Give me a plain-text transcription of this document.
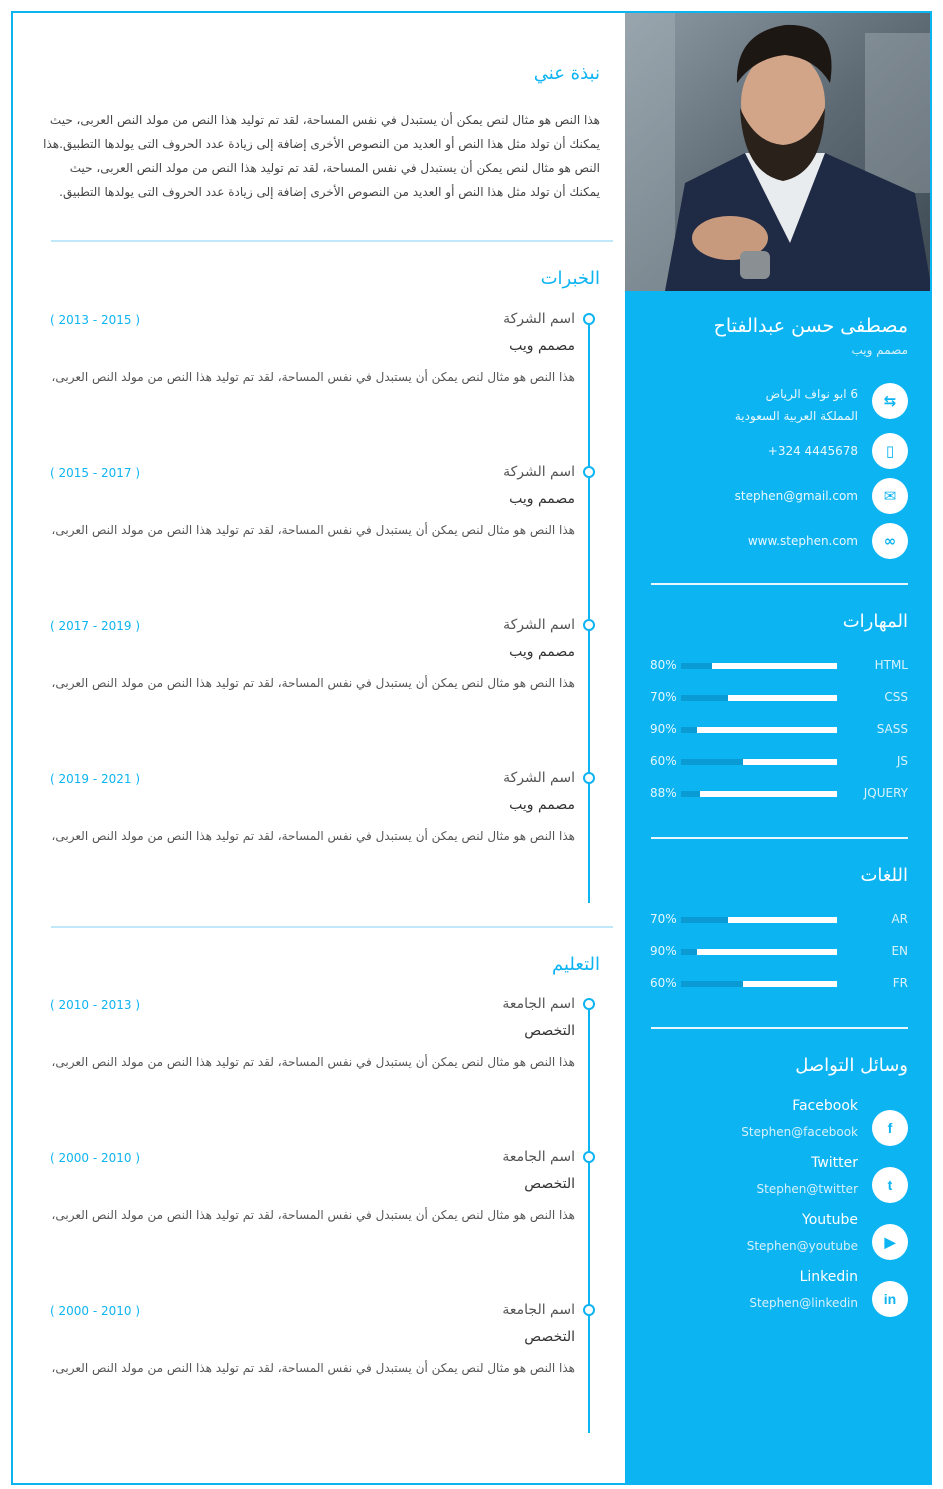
نبذة عني
هذا النص هو مثال لنص يمكن أن يستبدل في نفس المساحة، لقد تم توليد هذا النص من مولد النص العربى، حيث يمكنك أن تولد مثل هذا النص أو العديد من النصوص الأخرى إضافة إلى زيادة عدد الحروف التى يولدها التطبيق.هذا النص هو مثال لنص يمكن أن يستبدل في نفس المساحة، لقد تم توليد هذا النص من مولد النص العربى، حيث يمكنك أن تولد مثل هذا النص أو العديد من النصوص الأخرى إضافة إلى زيادة عدد الحروف التى يولدها التطبيق.
الخبرات
اسم الشركة
( 2013 - 2015 )
مصمم ويب

هذا النص هو مثال لنص يمكن أن يستبدل في نفس المساحة، لقد تم توليد هذا النص من مولد النص العربى،

اسم الشركة
( 2015 - 2017 )
مصمم ويب

هذا النص هو مثال لنص يمكن أن يستبدل في نفس المساحة، لقد تم توليد هذا النص من مولد النص العربى،

اسم الشركة
( 2017 - 2019 )
مصمم ويب

هذا النص هو مثال لنص يمكن أن يستبدل في نفس المساحة، لقد تم توليد هذا النص من مولد النص العربى،

اسم الشركة
( 2019 - 2021 )
مصمم ويب

هذا النص هو مثال لنص يمكن أن يستبدل في نفس المساحة، لقد تم توليد هذا النص من مولد النص العربى،

التعليم
اسم الجامعة
( 2010 - 2013 )
التخصص

هذا النص هو مثال لنص يمكن أن يستبدل في نفس المساحة، لقد تم توليد هذا النص من مولد النص العربى،

اسم الجامعة
( 2000 - 2010 )
التخصص

هذا النص هو مثال لنص يمكن أن يستبدل في نفس المساحة، لقد تم توليد هذا النص من مولد النص العربى،

اسم الجامعة
( 2000 - 2010 )
التخصص

هذا النص هو مثال لنص يمكن أن يستبدل في نفس المساحة، لقد تم توليد هذا النص من مولد النص العربى،

مصطفى حسن عبدالفتاح
مصمم ويب
⇆
6 ابو نواف الرياض
المملكة العربية السعودية
▯
+324 4445678
✉
stephen@gmail.com
∞
www.stephen.com
المهارات
HTML
80%
CSS
70%
SASS
90%
JS
60%
JQUERY
88%
اللغات
AR
70%
EN
90%
FR
60%
وسائل التواصل
f
Facebook
Stephen@facebook
t
Twitter
Stephen@twitter
▶
Youtube
Stephen@youtube
in
Linkedin
Stephen@linkedin
